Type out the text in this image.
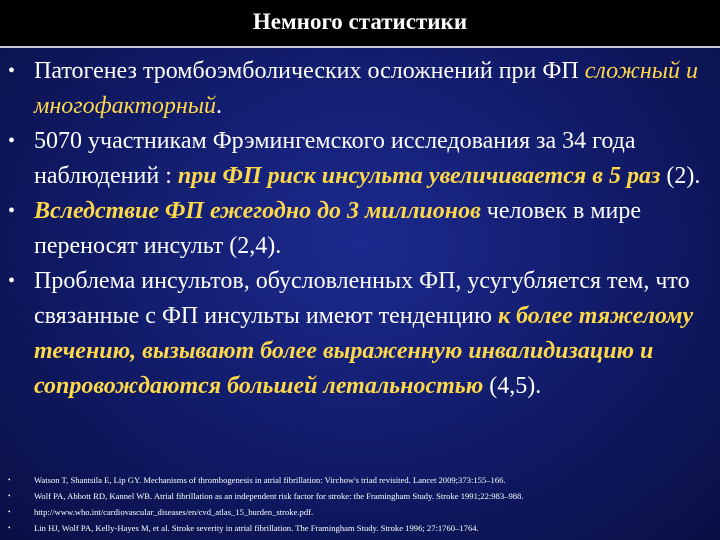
Немного статистики
• Патогенез тромбоэмболических осложнений при ФП сложный и многофакторный.
• 5070 участникам Фрэмингемского исследования за 34 года наблюдений : при ФП риск инсульта увеличивается в 5 раз (2).
• Вследствие ФП ежегодно до 3 миллионов человек в мире переносят инсульт (2,4).
• Проблема инсультов, обусловленных ФП, усугубляется тем, что связанные с ФП инсульты имеют тенденцию к более тяжелому течению, вызывают более выраженную инвалидизацию и сопровождаются большей летальностью (4,5).
•	Watson T, Shantsila E, Lip GY. Mechanisms of thrombogenesis in atrial fibrillation: Virchow's triad revisited. Lancet 2009;373:155–166.
•	Wolf PA, Abbott RD, Kannel WB. Atrial fibrillation as an independent risk factor for stroke: the Framingham Study. Stroke 1991;22:983–988.
•	http://www.who.int/cardiovascular_diseases/en/cvd_atlas_15_burden_stroke.pdf.
•	Lin HJ, Wolf PA, Kelly-Hayes M, et al. Stroke severity in atrial fibrillation. The Framingham Study. Stroke 1996; 27:1760–1764.
